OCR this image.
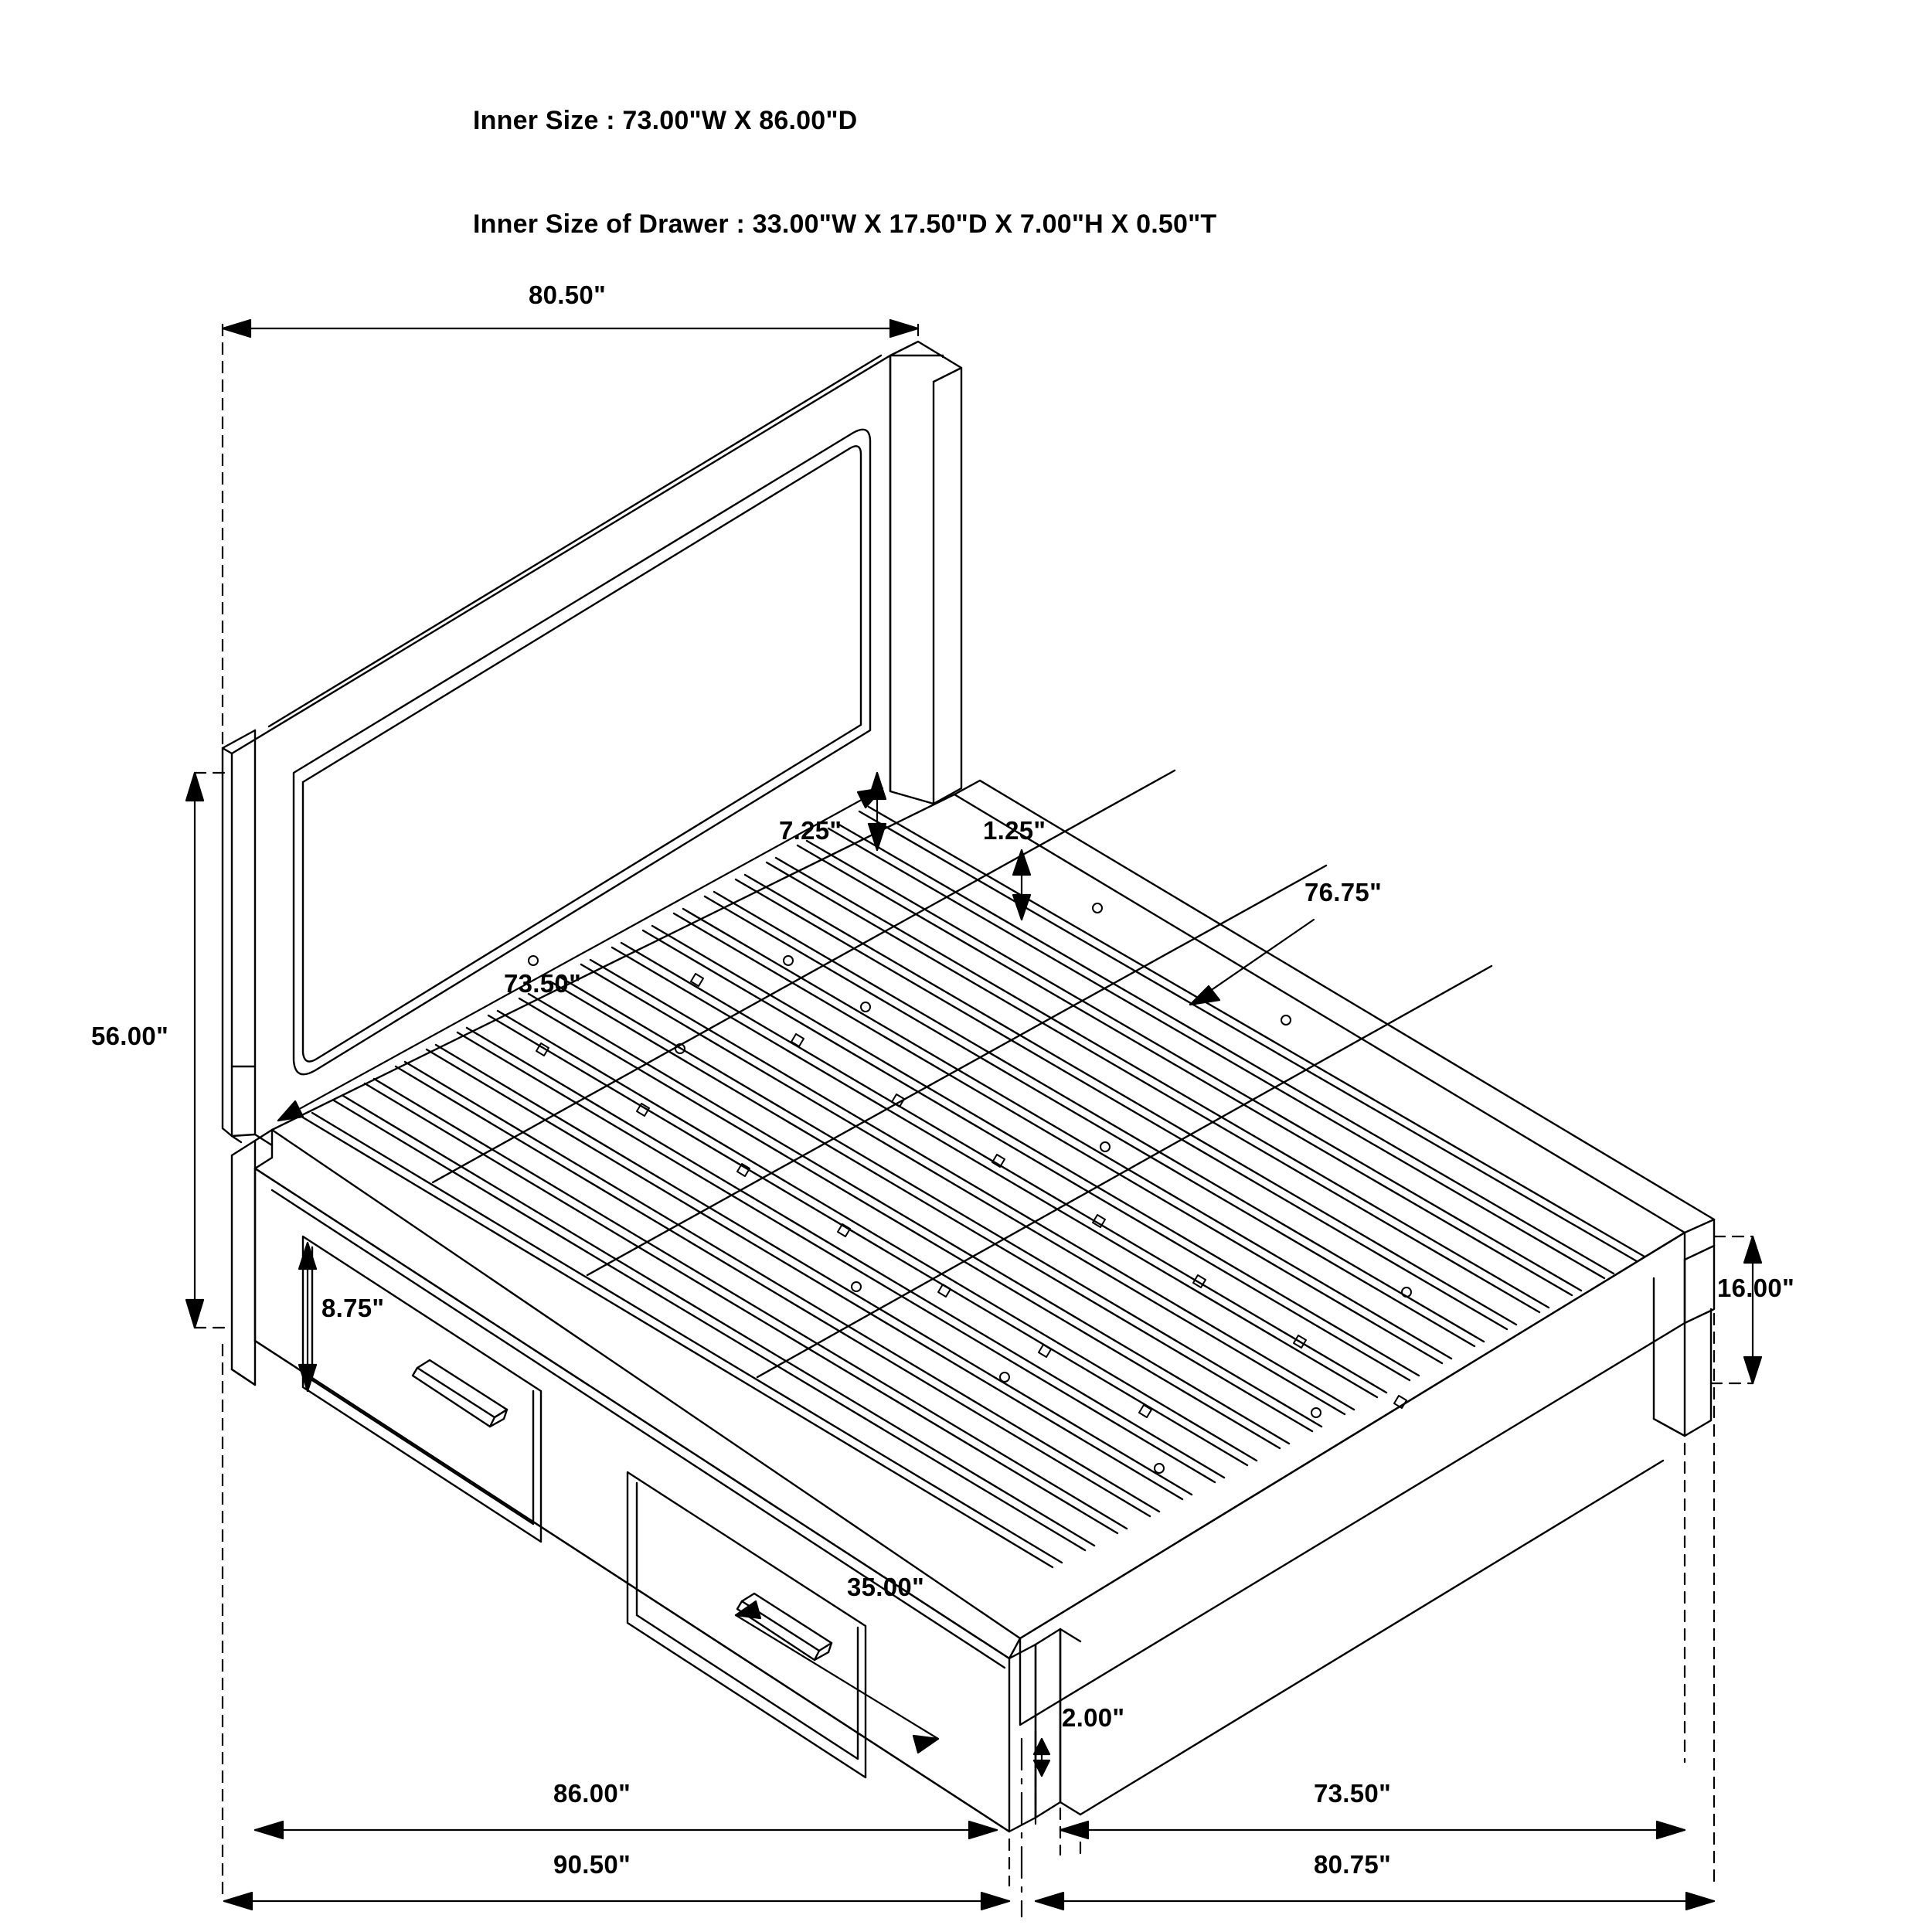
Inner Size : 73.00"W X 86.00"D

Inner Size of Drawer : 33.00"W X 17.50"D X 7.00"H X 0.50"T

80.50"
56.00"
7.25"	1.25"
76.75"
73.50"
8.75"
16.00"
35.00"
2.00"
86.00"	73.50"
90.50"	80.75"
